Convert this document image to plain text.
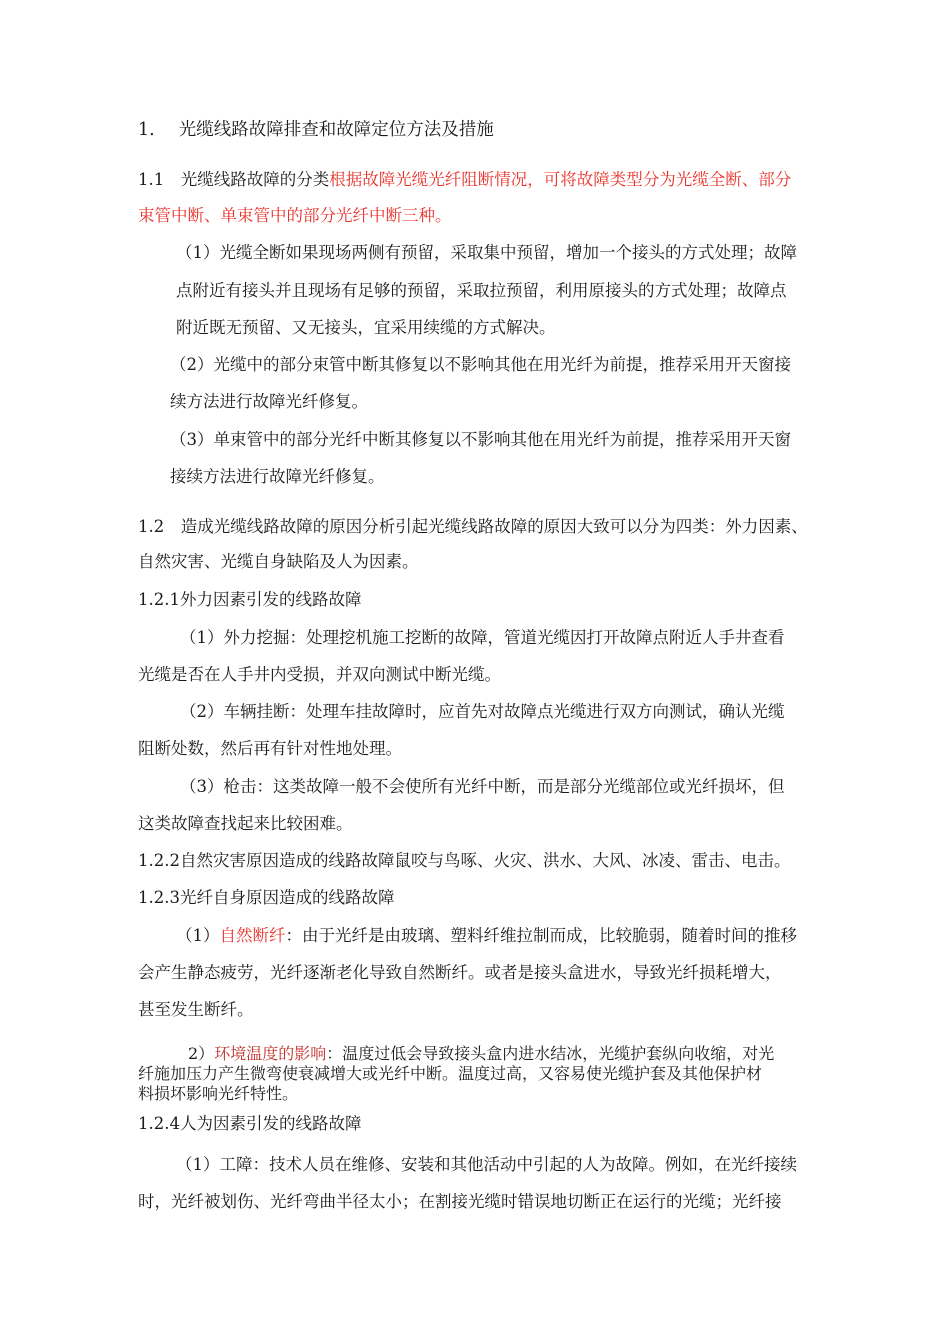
1. 光缆线路故障排查和故障定位方法及措施
1.1　光缆线路故障的分类根据故障光缆光纤阻断情况，可将故障类型分为光缆全断、部分
束管中断、单束管中的部分光纤中断三种。
（1）光缆全断如果现场两侧有预留，采取集中预留，增加一个接头的方式处理；故障
点附近有接头并且现场有足够的预留，采取拉预留，利用原接头的方式处理；故障点
附近既无预留、又无接头，宜采用续缆的方式解决。
（2）光缆中的部分束管中断其修复以不影响其他在用光纤为前提，推荐采用开天窗接
续方法进行故障光纤修复。
（3）单束管中的部分光纤中断其修复以不影响其他在用光纤为前提，推荐采用开天窗
接续方法进行故障光纤修复。
1.2　造成光缆线路故障的原因分析引起光缆线路故障的原因大致可以分为四类：外力因素、
自然灾害、光缆自身缺陷及人为因素。
1.2.1外力因素引发的线路故障
（1）外力挖掘：处理挖机施工挖断的故障，管道光缆因打开故障点附近人手井查看
光缆是否在人手井内受损，并双向测试中断光缆。
（2）车辆挂断：处理车挂故障时，应首先对故障点光缆进行双方向测试，确认光缆
阻断处数，然后再有针对性地处理。
（3）枪击：这类故障一般不会使所有光纤中断，而是部分光缆部位或光纤损坏，但
这类故障查找起来比较困难。
1.2.2自然灾害原因造成的线路故障鼠咬与鸟啄、火灾、洪水、大风、冰凌、雷击、电击。
1.2.3光纤自身原因造成的线路故障
（1）自然断纤：由于光纤是由玻璃、塑料纤维拉制而成，比较脆弱，随着时间的推移
会产生静态疲劳，光纤逐渐老化导致自然断纤。或者是接头盒进水，导致光纤损耗增大，
甚至发生断纤。
2）环境温度的影响：温度过低会导致接头盒内进水结冰，光缆护套纵向收缩，对光
纤施加压力产生微弯使衰减增大或光纤中断。温度过高，又容易使光缆护套及其他保护材
料损坏影响光纤特性。
1.2.4人为因素引发的线路故障
（1）工障：技术人员在维修、安装和其他活动中引起的人为故障。例如，在光纤接续
时，光纤被划伤、光纤弯曲半径太小；在割接光缆时错误地切断正在运行的光缆；光纤接
